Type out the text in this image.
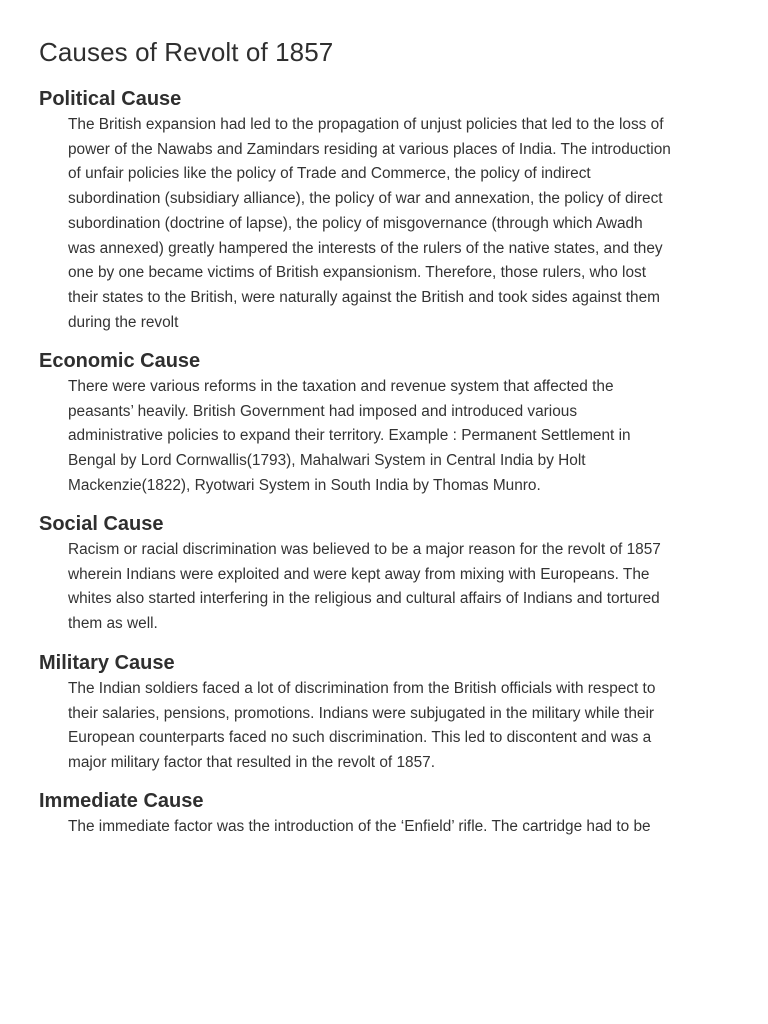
Causes of Revolt of 1857
Political Cause

The British expansion had led to the propagation of unjust policies that led to the loss of
power of the Nawabs and Zamindars residing at various places of India. The introduction
of unfair policies like the policy of Trade and Commerce, the policy of indirect
subordination (subsidiary alliance), the policy of war and annexation, the policy of direct
subordination (doctrine of lapse), the policy of misgovernance (through which Awadh
was annexed) greatly hampered the interests of the rulers of the native states, and they
one by one became victims of British expansionism. Therefore, those rulers, who lost
their states to the British, were naturally against the British and took sides against them
during the revolt

Economic Cause

There were various reforms in the taxation and revenue system that affected the
peasants’ heavily. British Government had imposed and introduced various
administrative policies to expand their territory. Example : Permanent Settlement in
Bengal by Lord Cornwallis(1793), Mahalwari System in Central India by Holt
Mackenzie(1822), Ryotwari System in South India by Thomas Munro.

Social Cause

Racism or racial discrimination was believed to be a major reason for the revolt of 1857
wherein Indians were exploited and were kept away from mixing with Europeans. The
whites also started interfering in the religious and cultural affairs of Indians and tortured
them as well.

Military Cause

The Indian soldiers faced a lot of discrimination from the British officials with respect to
their salaries, pensions, promotions. Indians were subjugated in the military while their
European counterparts faced no such discrimination. This led to discontent and was a
major military factor that resulted in the revolt of 1857.

Immediate Cause

The immediate factor was the introduction of the ‘Enfield’ rifle. The cartridge had to be
